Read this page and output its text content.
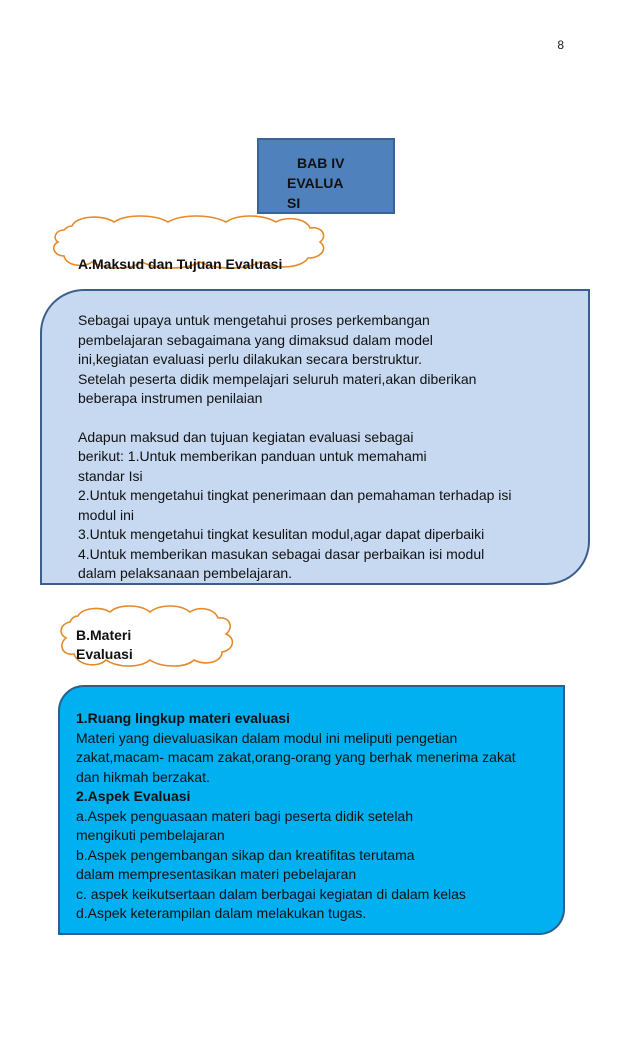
8
BAB IV
EVALUA
SI
A.Maksud dan Tujuan Evaluasi

Sebagai upaya untuk mengetahui proses perkembangan

pembelajaran sebagaimana yang dimaksud dalam model

ini,kegiatan evaluasi perlu dilakukan secara berstruktur.

Setelah peserta didik mempelajari seluruh materi,akan diberikan

beberapa instrumen penilaian

Adapun maksud dan tujuan kegiatan evaluasi sebagai

berikut: 1.Untuk memberikan panduan untuk memahami

standar Isi

2.Untuk mengetahui tingkat penerimaan dan pemahaman terhadap isi

modul ini

3.Untuk mengetahui tingkat kesulitan modul,agar dapat diperbaiki

4.Untuk memberikan masukan sebagai dasar perbaikan isi modul

dalam pelaksanaan pembelajaran.

B.Materi
Evaluasi

1.Ruang lingkup materi evaluasi

Materi yang dievaluasikan dalam modul ini meliputi pengetian

zakat,macam- macam zakat,orang-orang yang berhak menerima zakat

dan hikmah berzakat.

2.Aspek Evaluasi

a.Aspek penguasaan materi bagi peserta didik setelah

mengikuti pembelajaran

b.Aspek pengembangan sikap dan kreatifitas terutama

dalam mempresentasikan materi pebelajaran

c. aspek keikutsertaan dalam berbagai kegiatan di dalam kelas

d.Aspek keterampilan dalam melakukan tugas.
